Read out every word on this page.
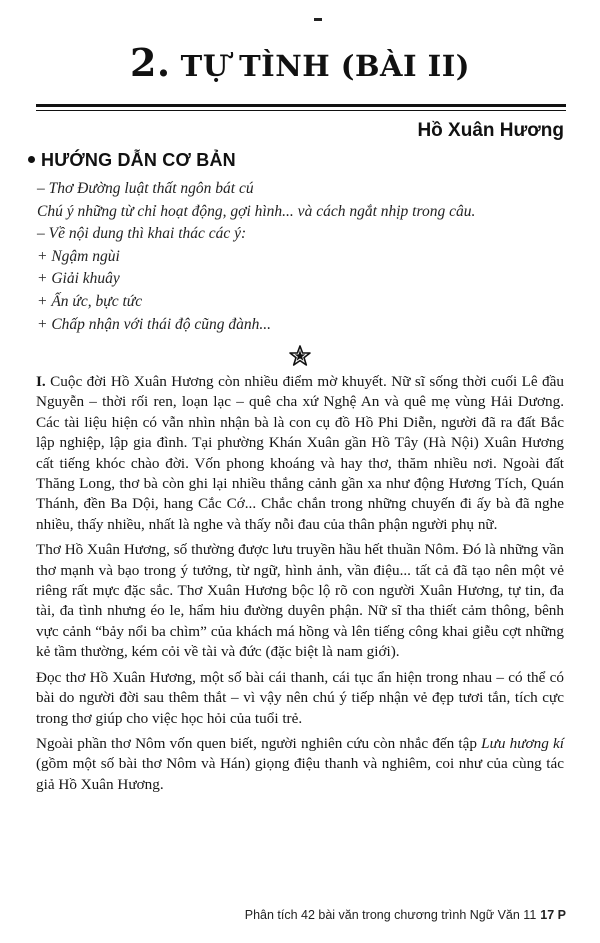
2. TỰ TÌNH (BÀI II)
Hồ Xuân Hương
HƯỚNG DẪN CƠ BẢN
– Thơ Đường luật thất ngôn bát cú
Chú ý những từ chỉ hoạt động, gợi hình... và cách ngắt nhịp trong câu.
– Về nội dung thì khai thác các ý:
+ Ngậm ngùi
+ Giải khuây
+ Ấn ức, bực tức
+ Chấp nhận với thái độ cũng đành...

I. Cuộc đời Hồ Xuân Hương còn nhiều điểm mờ khuyết. Nữ sĩ sống thời cuối Lê đầu Nguyễn – thời rối ren, loạn lạc – quê cha xứ Nghệ An và quê mẹ vùng Hải Dương. Các tài liệu hiện có vẫn nhìn nhận bà là con cụ đồ Hồ Phi Diễn, người đã ra đất Bắc lập nghiệp, lập gia đình. Tại phường Khán Xuân gần Hồ Tây (Hà Nội) Xuân Hương cất tiếng khóc chào đời. Vốn phong khoáng và hay thơ, thăm nhiều nơi. Ngoài đất Thăng Long, thơ bà còn ghi lại nhiều thắng cảnh gần xa như động Hương Tích, Quán Thánh, đền Ba Dội, hang Cắc Cớ... Chắc chắn trong những chuyến đi ấy bà đã nghe nhiều, thấy nhiều, nhất là nghe và thấy nỗi đau của thân phận người phụ nữ.

Thơ Hồ Xuân Hương, số thường được lưu truyền hầu hết thuần Nôm. Đó là những vần thơ mạnh và bạo trong ý tưởng, từ ngữ, hình ảnh, vần điệu... tất cả đã tạo nên một vẻ riêng rất mực đặc sắc. Thơ Xuân Hương bộc lộ rõ con người Xuân Hương, tự tin, đa tài, đa tình nhưng éo le, hẩm hiu đường duyên phận. Nữ sĩ tha thiết cảm thông, bênh vực cảnh “bảy nổi ba chìm” của khách má hồng và lên tiếng công khai giễu cợt những kẻ tầm thường, kém cỏi về tài và đức (đặc biệt là nam giới).

Đọc thơ Hồ Xuân Hương, một số bài cái thanh, cái tục ẩn hiện trong nhau – có thể có bài do người đời sau thêm thắt – vì vậy nên chú ý tiếp nhận vẻ đẹp tươi tắn, tích cực trong thơ giúp cho việc học hỏi của tuổi trẻ.

Ngoài phần thơ Nôm vốn quen biết, người nghiên cứu còn nhắc đến tập Lưu hương kí (gồm một số bài thơ Nôm và Hán) giọng điệu thanh và nghiêm, coi như của cùng tác giả Hồ Xuân Hương.

Phân tích 42 bài văn trong chương trình Ngữ Văn 11 17 P
